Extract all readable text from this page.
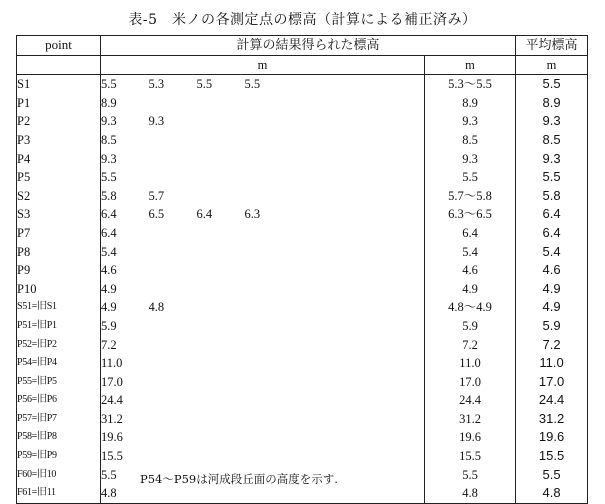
表-5　米ノの各測定点の標高（計算による補正済み）
point	計算の結果得られた標高					平均標高
	m				m	m
S1	5.5	5.3	5.5	5.5	5.3～5.5	5.5
P1	8.9				8.9	8.9
P2	9.3	9.3			9.3	9.3
P3	8.5				8.5	8.5
P4	9.3				9.3	9.3
P5	5.5				5.5	5.5
S2	5.8	5.7			5.7～5.8	5.8
S3	6.4	6.5	6.4	6.3	6.3～6.5	6.4
P7	6.4				6.4	6.4
P8	5.4				5.4	5.4
P9	4.6				4.6	4.6
P10	4.9				4.9	4.9
S51=旧S1	4.9	4.8			4.8～4.9	4.9
P51=旧P1	5.9				5.9	5.9
P52=旧P2	7.2				7.2	7.2
P54=旧P4	11.0				11.0	11.0
P55=旧P5	17.0				17.0	17.0
P56=旧P6	24.4				24.4	24.4
P57=旧P7	31.2				31.2	31.2
P58=旧P8	19.6				19.6	19.6
P59=旧P9	15.5				15.5	15.5
F60=旧10	5.5				5.5	5.5
F61=旧11	4.8				4.8	4.8
P54～P59は河成段丘面の高度を示す.
